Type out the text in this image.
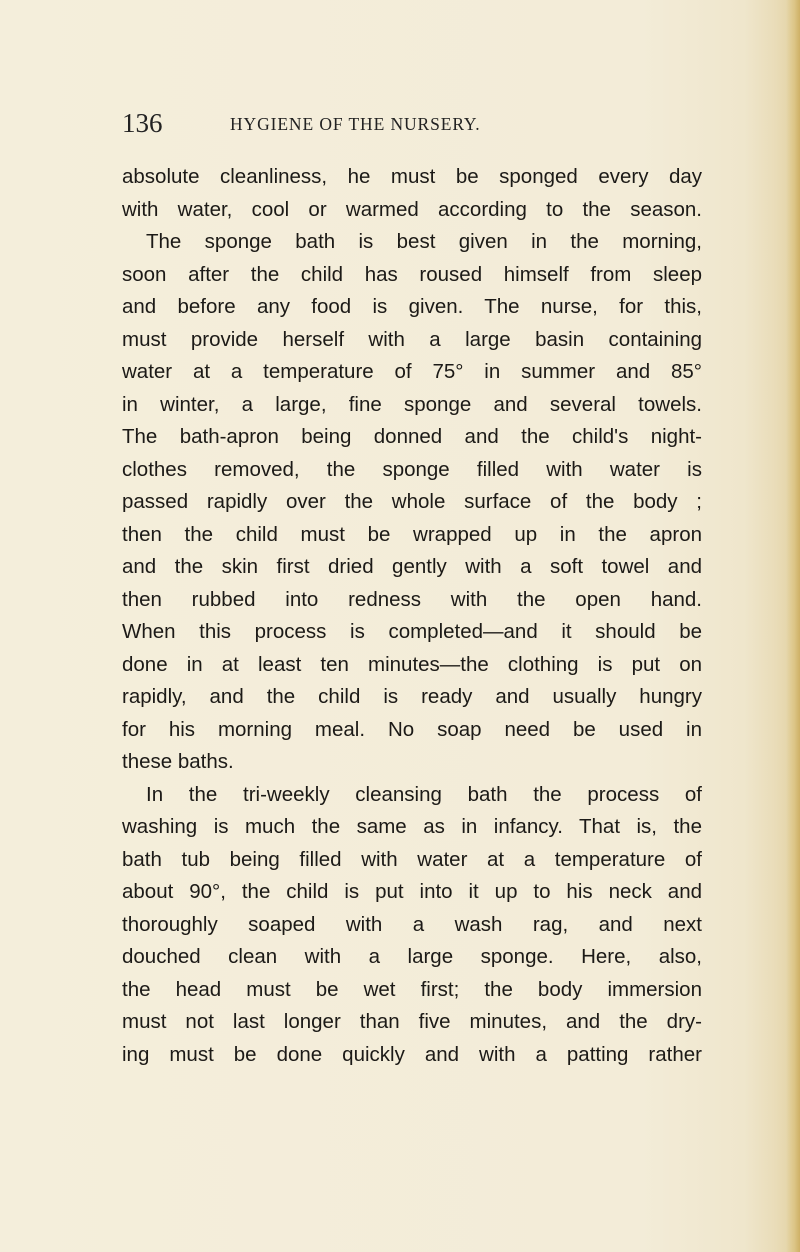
136	HYGIENE OF THE NURSERY.
absolute cleanliness, he must be sponged every day
with water, cool or warmed according to the season.
The sponge bath is best given in the morning,
soon after the child has roused himself from sleep
and before any food is given. The nurse, for this,
must provide herself with a large basin containing
water at a temperature of 75° in summer and 85°
in winter, a large, fine sponge and several towels.
The bath-apron being donned and the child's night-
clothes removed, the sponge filled with water is
passed rapidly over the whole surface of the body ;
then the child must be wrapped up in the apron
and the skin first dried gently with a soft towel and
then rubbed into redness with the open hand.
When this process is completed—and it should be
done in at least ten minutes—the clothing is put on
rapidly, and the child is ready and usually hungry
for his morning meal. No soap need be used in
these baths.
In the tri-weekly cleansing bath the process of
washing is much the same as in infancy. That is, the
bath tub being filled with water at a temperature of
about 90°, the child is put into it up to his neck and
thoroughly soaped with a wash rag, and next
douched clean with a large sponge. Here, also,
the head must be wet first; the body immersion
must not last longer than five minutes, and the dry-
ing must be done quickly and with a patting rather
